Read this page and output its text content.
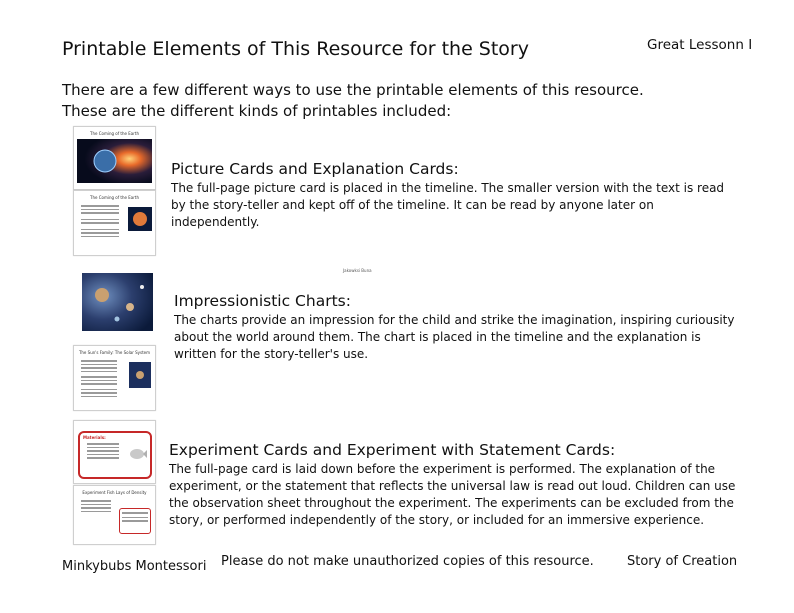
Printable Elements of This Resource for the Story	Great Lessonn I
There are a few different ways to use the printable elements of this resource.
These are the different kinds of printables included:
The Coming of the Earth
The Coming of the Earth
Picture Cards and Explanation Cards:
The full-page picture card is placed in the timeline. The smaller version with the text is read by the story-teller and kept off of the timeline. It can be read by anyone later on independently.
Jakowksi Buna
The Sun's Family: The Solar System
Impressionistic Charts:
The charts provide an impression for the child and strike the imagination, inspiring curiousity about the world around them. The chart is placed in the timeline and the explanation is written for the story-teller's use.
Materials:
Experiment Fish Lays of Density
Experiment Cards and Experiment with Statement Cards:
The full-page card is laid down before the experiment is performed. The explanation of the experiment, or the statement that reflects the universal law is read out loud. Children can use the observation sheet throughout the experiment. The experiments can be excluded from the story, or performed independently of the story, or included for an immersive experience.
Minkybubs Montessori Please do not make unauthorized copies of this resource.	Story of Creation
